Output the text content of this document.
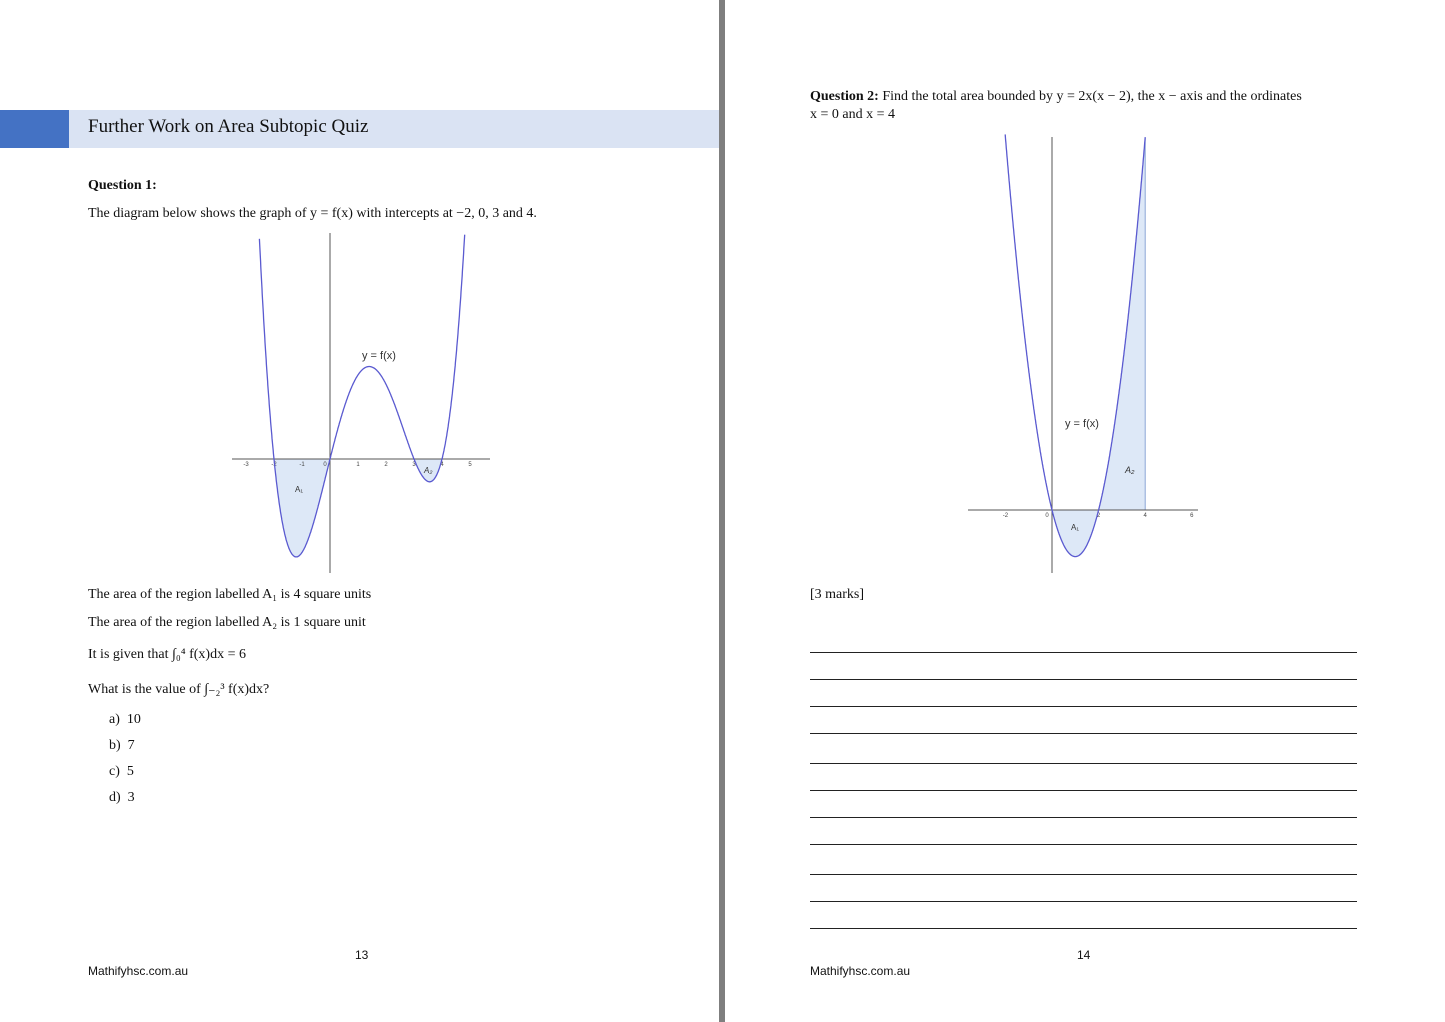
Further Work on Area Subtopic Quiz
Question 1:
The diagram below shows the graph of y = f(x) with intercepts at −2, 0, 3 and 4.
-3	-2	-1	0	1	2	3	4	5
y = f(x)
A₁
A₂
-2	0	2	4	6
y = f(x)
A₁
A₂
The area of the region labelled A₁ is 4 square units
The area of the region labelled A₂ is 1 square unit
It is given that ∫₀⁴ f(x)dx = 6
What is the value of ∫₋₂³ f(x)dx?
a) 10
b) 7
c) 5
d) 3
13
Mathifyhsc.com.au
Question 2: Find the total area bounded by y = 2x(x − 2), the x − axis and the ordinates
x = 0 and x = 4
[3 marks]
14
Mathifyhsc.com.au
